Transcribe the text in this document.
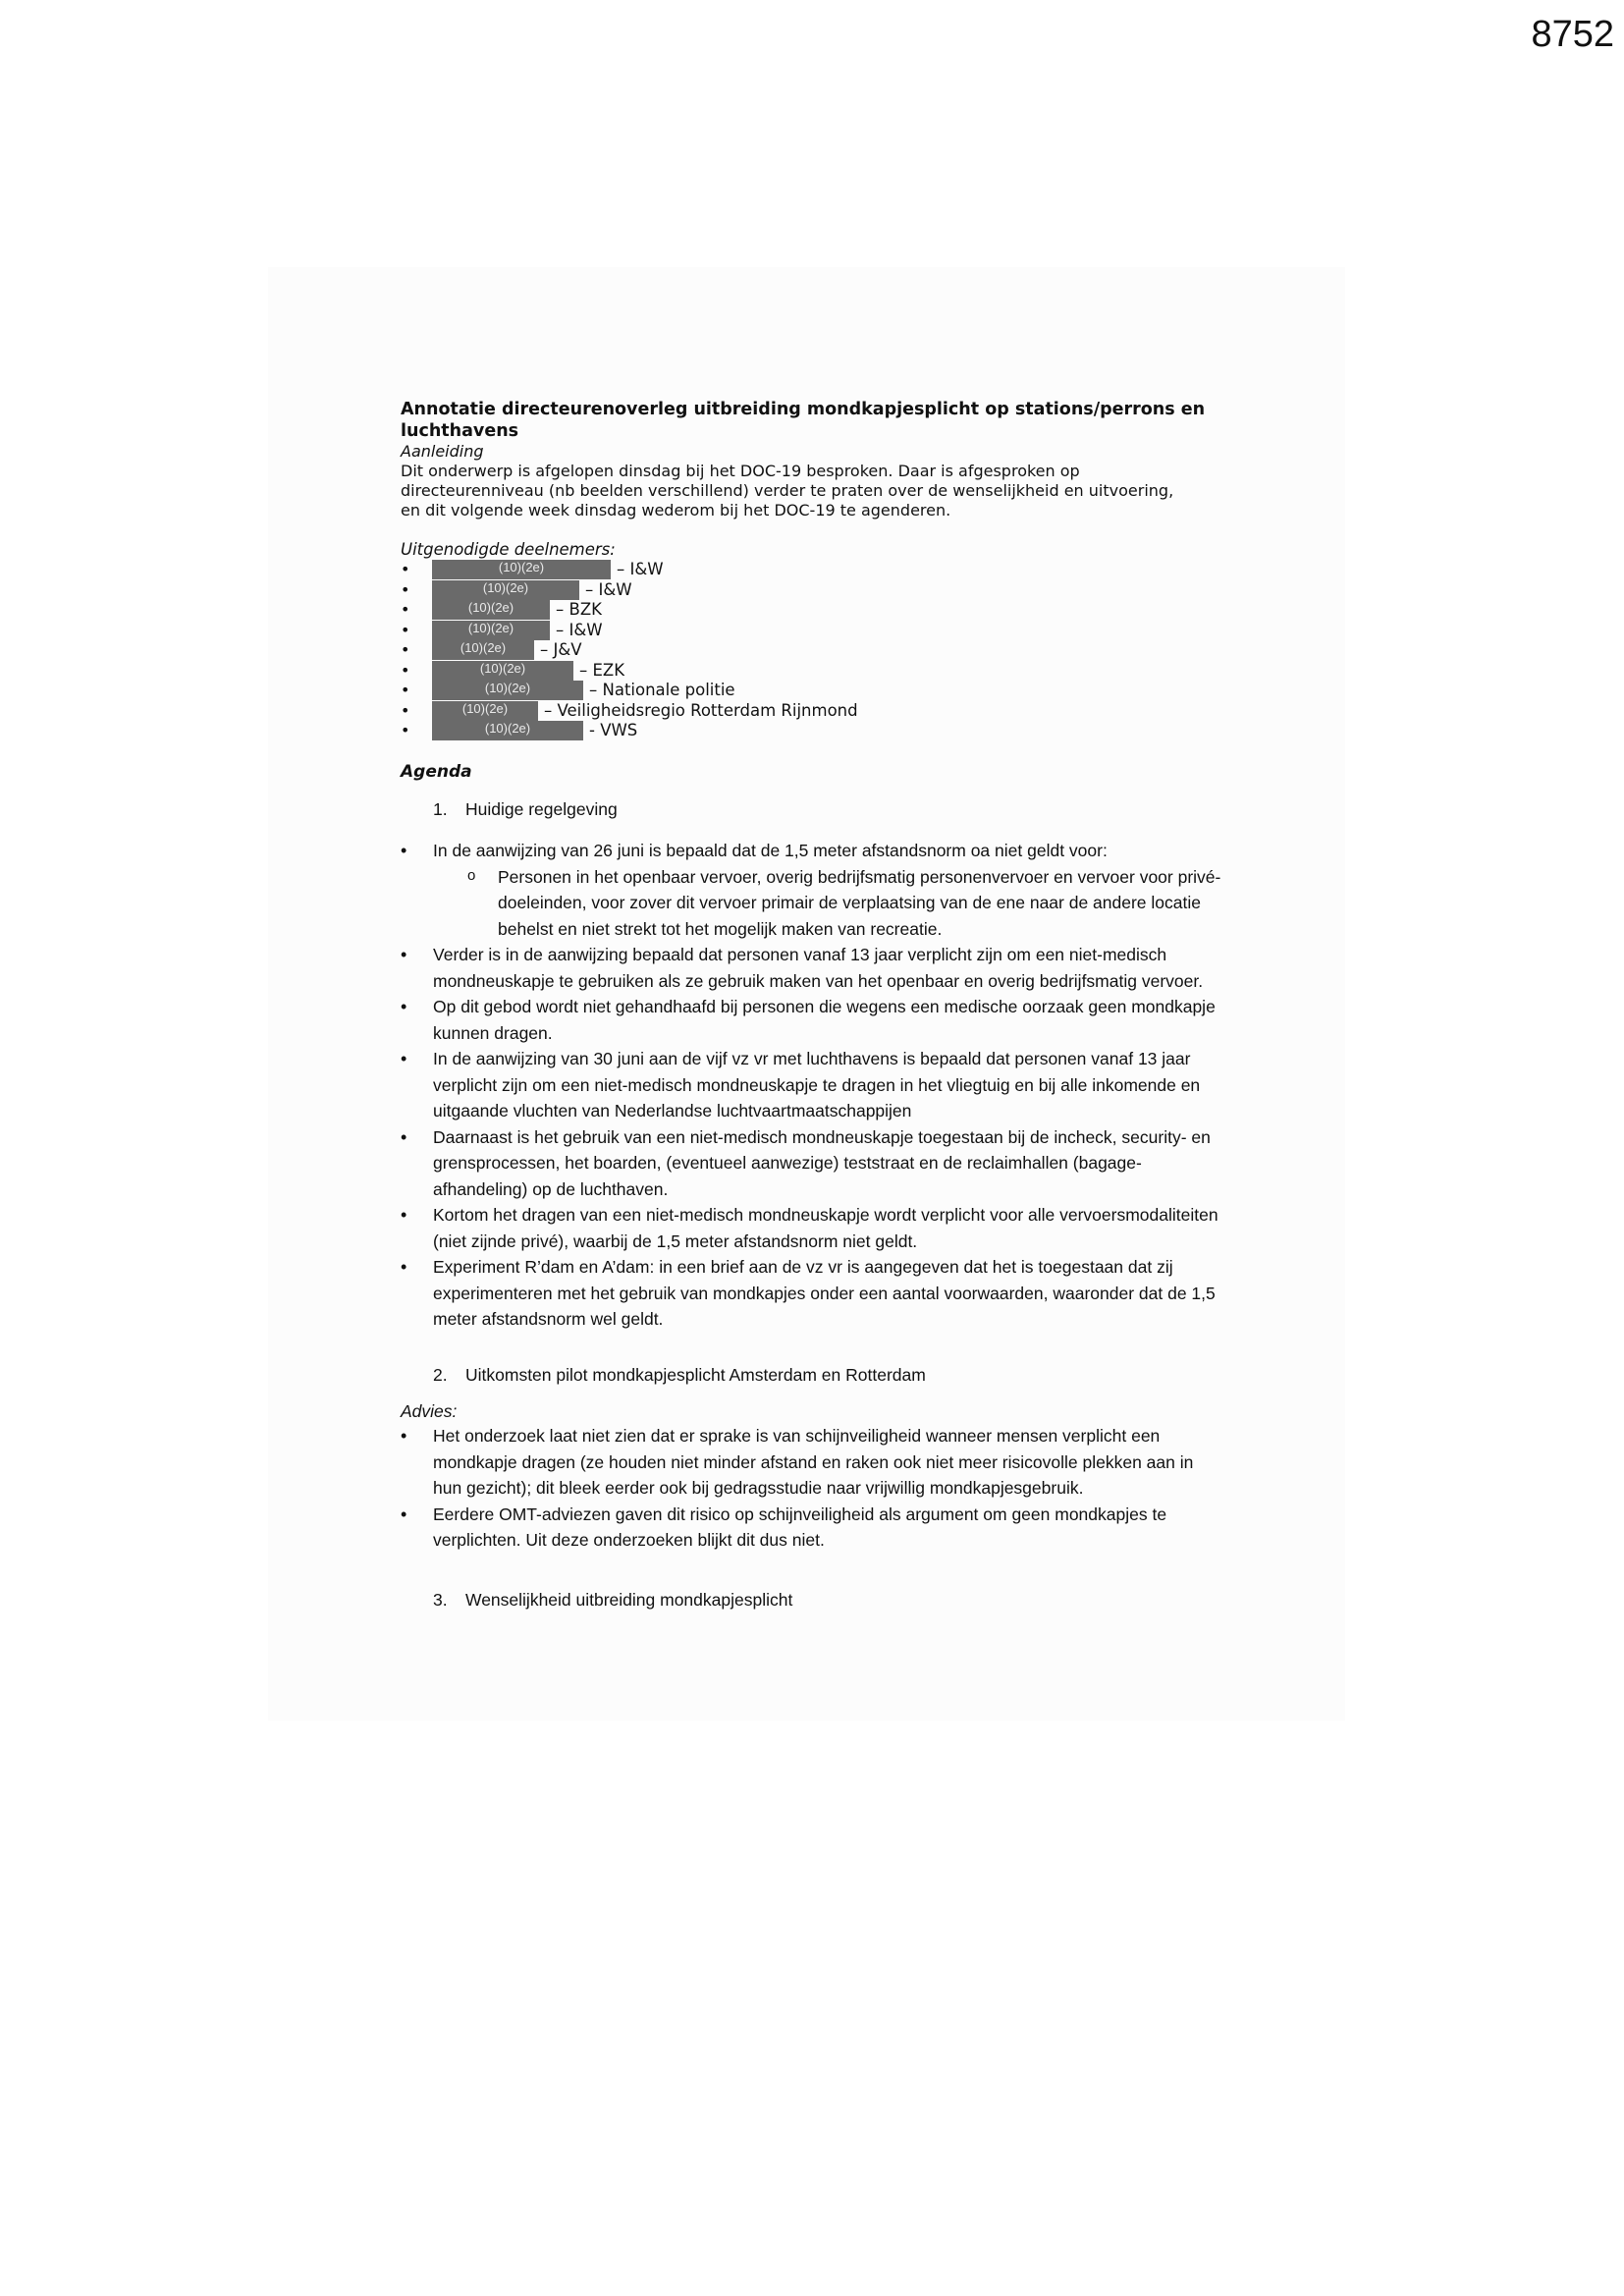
8752
Annotatie directeurenoverleg uitbreiding mondkapjesplicht op stations/perrons en luchthavens

Aanleiding

Dit onderwerp is afgelopen dinsdag bij het DOC-19 besproken. Daar is afgesproken op

directeurenniveau (nb beelden verschillend) verder te praten over de wenselijkheid en uitvoering,

en dit volgende week dinsdag wederom bij het DOC-19 te agenderen.

Uitgenodigde deelnemers:

• (10)(2e)	– I&W
• (10)(2e)	– I&W
• (10)(2e)	– BZK
• (10)(2e)	– I&W
• (10)(2e) – J&V
• (10)(2e)	– EZK
• (10)(2e)	– Nationale politie
• (10)(2e) – Veiligheidsregio Rotterdam Rijnmond
• (10)(2e)	- VWS

Agenda

1. Huidige regelgeving
• In de aanwijzing van 26 juni is bepaald dat de 1,5 meter afstandsnorm oa niet geldt voor:
o Personen in het openbaar vervoer, overig bedrijfsmatig personenvervoer en vervoer voor privé-doeleinden, voor zover dit vervoer primair de verplaatsing van de ene naar de andere locatie behelst en niet strekt tot het mogelijk maken van recreatie.
• Verder is in de aanwijzing bepaald dat personen vanaf 13 jaar verplicht zijn om een niet-medisch mondneuskapje te gebruiken als ze gebruik maken van het openbaar en overig bedrijfsmatig vervoer.
• Op dit gebod wordt niet gehandhaafd bij personen die wegens een medische oorzaak geen mondkapje kunnen dragen.
• In de aanwijzing van 30 juni aan de vijf vz vr met luchthavens is bepaald dat personen vanaf 13 jaar verplicht zijn om een niet-medisch mondneuskapje te dragen in het vliegtuig en bij alle inkomende en uitgaande vluchten van Nederlandse luchtvaartmaatschappijen
• Daarnaast is het gebruik van een niet-medisch mondneuskapje toegestaan bij de incheck, security- en grensprocessen, het boarden, (eventueel aanwezige) teststraat en de reclaimhallen (bagage-afhandeling) op de luchthaven.
• Kortom het dragen van een niet-medisch mondneuskapje wordt verplicht voor alle vervoersmodaliteiten (niet zijnde privé), waarbij de 1,5 meter afstandsnorm niet geldt.
• Experiment R’dam en A’dam: in een brief aan de vz vr is aangegeven dat het is toegestaan dat zij experimenteren met het gebruik van mondkapjes onder een aantal voorwaarden, waaronder dat de 1,5 meter afstandsnorm wel geldt.
2. Uitkomsten pilot mondkapjesplicht Amsterdam en Rotterdam

Advies:

• Het onderzoek laat niet zien dat er sprake is van schijnveiligheid wanneer mensen verplicht een mondkapje dragen (ze houden niet minder afstand en raken ook niet meer risicovolle plekken aan in hun gezicht); dit bleek eerder ook bij gedragsstudie naar vrijwillig mondkapjesgebruik.
• Eerdere OMT-adviezen gaven dit risico op schijnveiligheid als argument om geen mondkapjes te verplichten. Uit deze onderzoeken blijkt dit dus niet.
3. Wenselijkheid uitbreiding mondkapjesplicht
